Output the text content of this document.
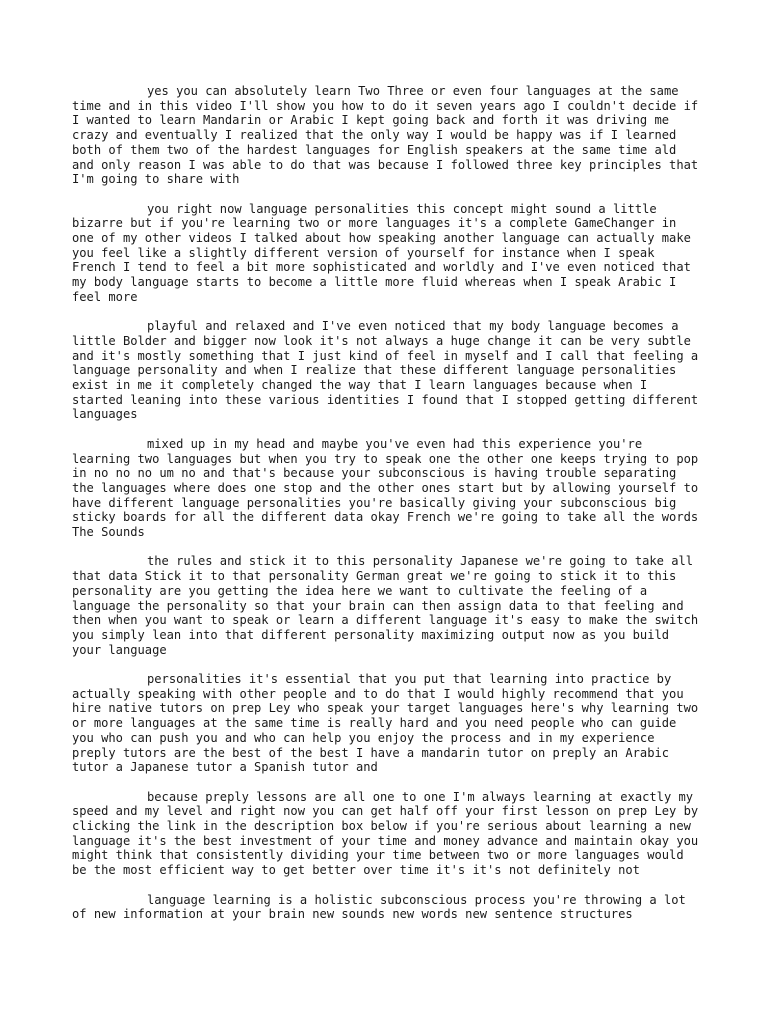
yes you can absolutely learn Two Three or even four languages at the same time and in this video I'll show you how to do it seven years ago I couldn't decide if I wanted to learn Mandarin or Arabic I kept going back and forth it was driving me crazy and eventually I realized that the only way I would be happy was if I learned both of them two of the hardest languages for English speakers at the same time ald and only reason I was able to do that was because I followed three key principles that I'm going to share with

you right now language personalities this concept might sound a little bizarre but if you're learning two or more languages it's a complete GameChanger in one of my other videos I talked about how speaking another language can actually make you feel like a slightly different version of yourself for instance when I speak French I tend to feel a bit more sophisticated and worldly and I've even noticed that my body language starts to become a little more fluid whereas when I speak Arabic I feel more

playful and relaxed and I've even noticed that my body language becomes a little Bolder and bigger now look it's not always a huge change it can be very subtle and it's mostly something that I just kind of feel in myself and I call that feeling a language personality and when I realize that these different language personalities exist in me it completely changed the way that I learn languages because when I started leaning into these various identities I found that I stopped getting different languages

mixed up in my head and maybe you've even had this experience you're learning two languages but when you try to speak one the other one keeps trying to pop in no no no um no and that's because your subconscious is having trouble separating the languages where does one stop and the other ones start but by allowing yourself to have different language personalities you're basically giving your subconscious big sticky boards for all the different data okay French we're going to take all the words The Sounds

the rules and stick it to this personality Japanese we're going to take all that data Stick it to that personality German great we're going to stick it to this personality are you getting the idea here we want to cultivate the feeling of a language the personality so that your brain can then assign data to that feeling and then when you want to speak or learn a different language it's easy to make the switch you simply lean into that different personality maximizing output now as you build your language

personalities it's essential that you put that learning into practice by actually speaking with other people and to do that I would highly recommend that you hire native tutors on prep Ley who speak your target languages here's why learning two or more languages at the same time is really hard and you need people who can guide you who can push you and who can help you enjoy the process and in my experience preply tutors are the best of the best I have a mandarin tutor on preply an Arabic tutor a Japanese tutor a Spanish tutor and

because preply lessons are all one to one I'm always learning at exactly my speed and my level and right now you can get half off your first lesson on prep Ley by clicking the link in the description box below if you're serious about learning a new language it's the best investment of your time and money advance and maintain okay you might think that consistently dividing your time between two or more languages would be the most efficient way to get better over time it's it's not definitely not

language learning is a holistic subconscious process you're throwing a lot of new information at your brain new sounds new words new sentence structures
